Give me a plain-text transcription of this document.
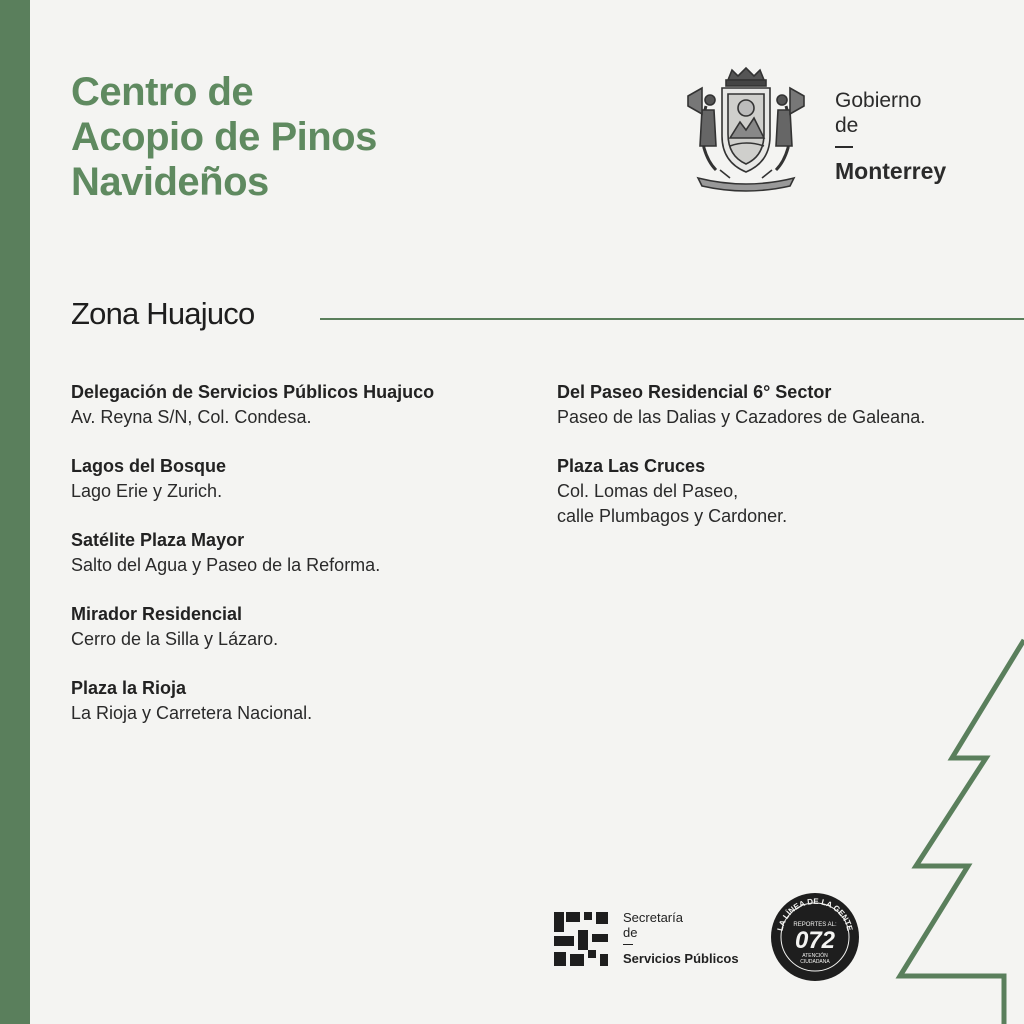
Centro de
Acopio de Pinos
Navideños
Gobierno
de
Monterrey
Zona Huajuco
Delegación de Servicios Públicos Huajuco
Av. Reyna S/N, Col. Condesa.
Lagos del Bosque
Lago Erie y Zurich.
Satélite Plaza Mayor
Salto del Agua y Paseo de la Reforma.
Mirador Residencial
Cerro de la Silla y Lázaro.
Plaza la Rioja
La Rioja y Carretera Nacional.
Del Paseo Residencial 6° Sector
Paseo de las Dalias y Cazadores de Galeana.
Plaza Las Cruces
Col. Lomas del Paseo,
calle Plumbagos y Cardoner.
Secretaría
de
Servicios Públicos
LA LÍNEA DE LA GENTE
REPORTES AL:
072
ATENCIÓN
CIUDADANA
